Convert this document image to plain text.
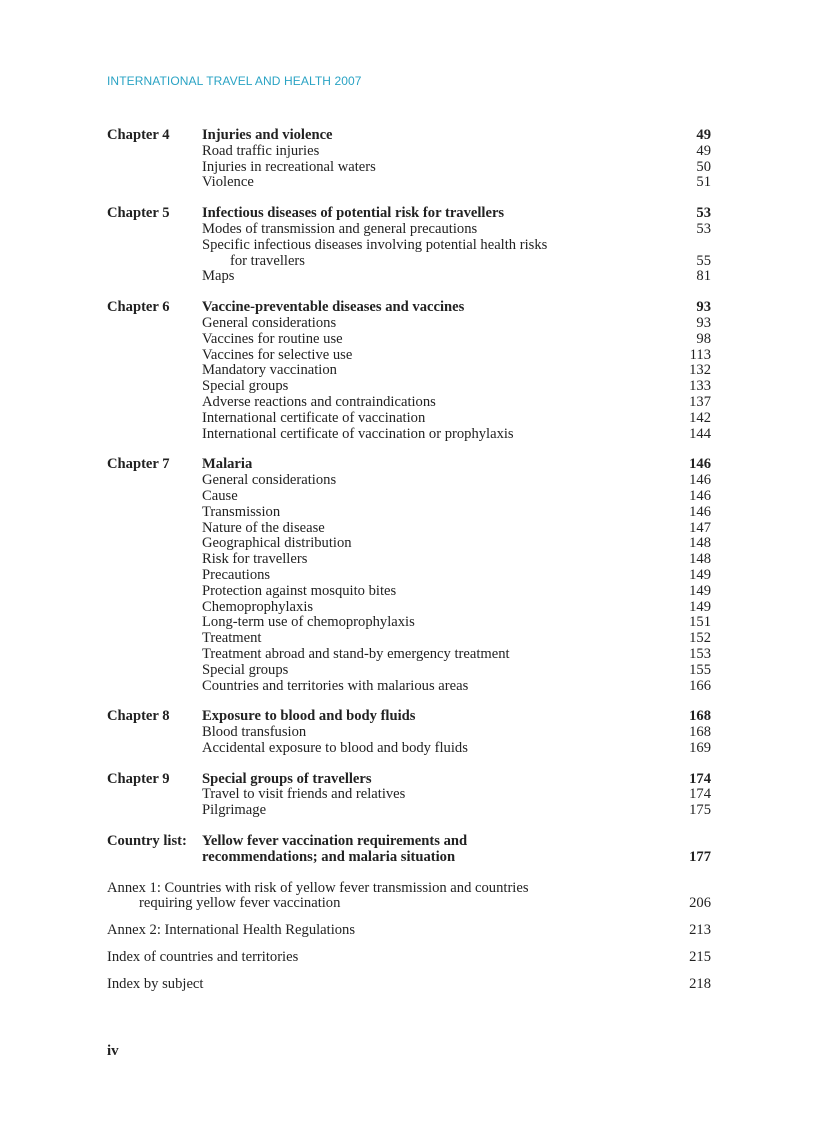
INTERNATIONAL TRAVEL AND HEALTH 2007
Chapter 4	Injuries and violence	49
Road traffic injuries	49
Injuries in recreational waters	50
Violence	51
Chapter 5	Infectious diseases of potential risk for travellers	53
Modes of transmission and general precautions	53
Specific infectious diseases involving potential health risks
for travellers	55
Maps	81
Chapter 6	Vaccine-preventable diseases and vaccines	93
General considerations	93
Vaccines for routine use	98
Vaccines for selective use	113
Mandatory vaccination	132
Special groups	133
Adverse reactions and contraindications	137
International certificate of vaccination	142
International certificate of vaccination or prophylaxis	144
Chapter 7	Malaria	146
General considerations	146
Cause	146
Transmission	146
Nature of the disease	147
Geographical distribution	148
Risk for travellers	148
Precautions	149
Protection against mosquito bites	149
Chemoprophylaxis	149
Long-term use of chemoprophylaxis	151
Treatment	152
Treatment abroad and stand-by emergency treatment	153
Special groups	155
Countries and territories with malarious areas	166
Chapter 8	Exposure to blood and body fluids	168
Blood transfusion	168
Accidental exposure to blood and body fluids	169
Chapter 9	Special groups of travellers	174
Travel to visit friends and relatives	174
Pilgrimage	175
Country list:	Yellow fever vaccination requirements and
recommendations; and malaria situation	177
Annex 1: Countries with risk of yellow fever transmission and countries
requiring yellow fever vaccination	206
Annex 2: International Health Regulations	213
Index of countries and territories	215
Index by subject	218
iv
